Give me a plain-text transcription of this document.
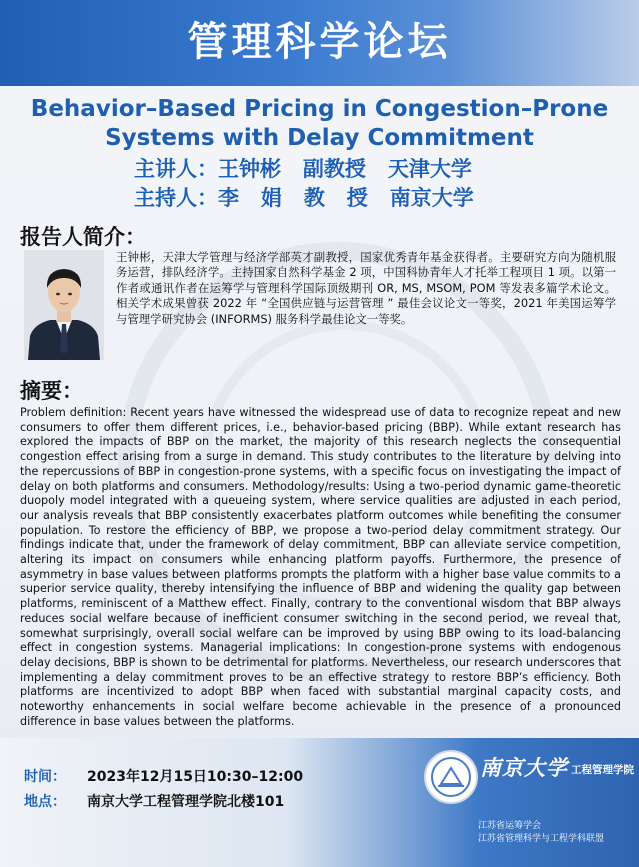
管理科学论坛
Behavior–Based Pricing in Congestion–Prone
Systems with Delay Commitment
主讲人：王钟彬   副教授   天津大学
主持人：李   娟   教   授   南京大学
报告人简介：
王钟彬，天津大学管理与经济学部英才副教授，国家优秀青年基金获得者。主要研究方向为随机服务运营，排队经济学。主持国家自然科学基金 2 项，中国科协青年人才托举工程项目 1 项。以第一作者或通讯作者在运筹学与管理科学国际顶级期刊 OR, MS, MSOM, POM 等发表多篇学术论文。相关学术成果曾获 2022 年 “全国供应链与运营管理 ” 最佳会议论文一等奖，2021 年美国运筹学与管理学研究协会 (INFORMS) 服务科学最佳论文一等奖。
摘要：
Problem definition: Recent years have witnessed the widespread use of data to recognize repeat and new consumers to offer them different prices, i.e., behavior-based pricing (BBP). While extant research has explored the impacts of BBP on the market, the majority of this research neglects the consequential congestion effect arising from a surge in demand. This study contributes to the literature by delving into the repercussions of BBP in congestion-prone systems, with a specific focus on investigating the impact of delay on both platforms and consumers. Methodology/results: Using a two-period dynamic game-theoretic duopoly model integrated with a queueing system, where service qualities are adjusted in each period, our analysis reveals that BBP consistently exacerbates platform outcomes while benefiting the consumer population. To restore the efficiency of BBP, we propose a two-period delay commitment strategy. Our findings indicate that, under the framework of delay commitment, BBP can alleviate service competition, altering its impact on consumers while enhancing platform payoffs. Furthermore, the presence of asymmetry in base values between platforms prompts the platform with a higher base value commits to a superior service quality, thereby intensifying the influence of BBP and widening the quality gap between platforms, reminiscent of a Matthew effect. Finally, contrary to the conventional wisdom that BBP always reduces social welfare because of inefficient consumer switching in the second period, we reveal that, somewhat surprisingly, overall social welfare can be improved by using BBP owing to its load-balancing effect in congestion systems. Managerial implications: In congestion-prone systems with endogenous delay decisions, BBP is shown to be detrimental for platforms. Nevertheless, our research underscores that implementing a delay commitment proves to be an effective strategy to restore BBP’s efficiency. Both platforms are incentivized to adopt BBP when faced with substantial marginal capacity costs, and noteworthy enhancements in social welfare become achievable in the presence of a pronounced difference in base values between the platforms.
时间： 2023年12月15日10:30–12:00
地点： 南京大学工程管理学院北楼101
南京大学 工程管理学院
江苏省运筹学会
江苏省管理科学与工程学科联盟
